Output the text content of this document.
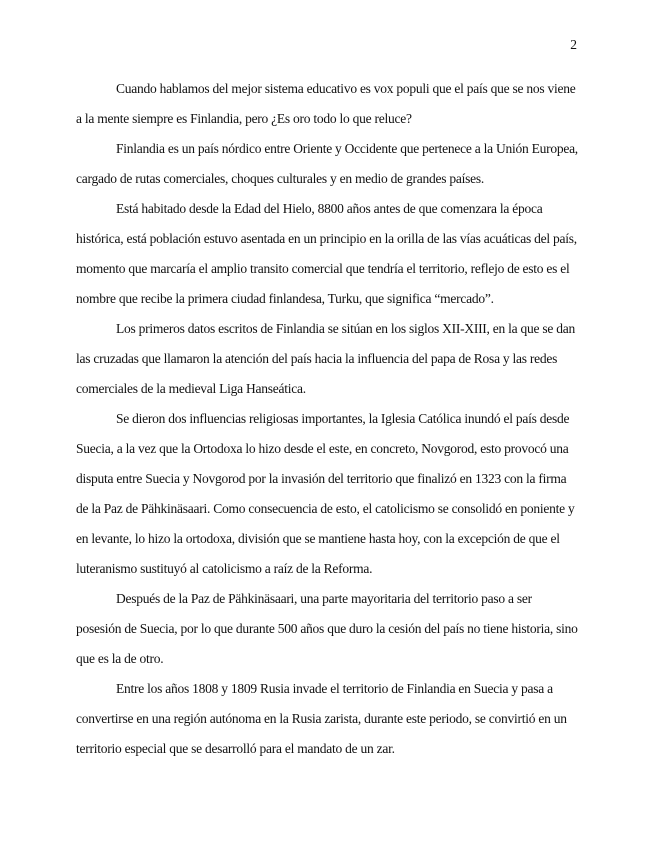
2
Cuando hablamos del mejor sistema educativo es vox populi que el país que se nos viene
a la mente siempre es Finlandia, pero ¿Es oro todo lo que reluce?
Finlandia es un país nórdico entre Oriente y Occidente que pertenece a la Unión Europea,
cargado de rutas comerciales, choques culturales y en medio de grandes países.
Está habitado desde la Edad del Hielo, 8800 años antes de que comenzara la época
histórica, está población estuvo asentada en un principio en la orilla de las vías acuáticas del país,
momento que marcaría el amplio transito comercial que tendría el territorio, reflejo de esto es el
nombre que recibe la primera ciudad finlandesa, Turku, que significa “mercado”.
Los primeros datos escritos de Finlandia se sitúan en los siglos XII-XIII, en la que se dan
las cruzadas que llamaron la atención del país hacia la influencia del papa de Rosa y las redes
comerciales de la medieval Liga Hanseática.
Se dieron dos influencias religiosas importantes, la Iglesia Católica inundó el país desde
Suecia, a la vez que la Ortodoxa lo hizo desde el este, en concreto, Novgorod, esto provocó una
disputa entre Suecia y Novgorod por la invasión del territorio que finalizó en 1323 con la firma
de la Paz de Pähkinäsaari. Como consecuencia de esto, el catolicismo se consolidó en poniente y
en levante, lo hizo la ortodoxa, división que se mantiene hasta hoy, con la excepción de que el
luteranismo sustituyó al catolicismo a raíz de la Reforma.
Después de la Paz de Pähkinäsaari, una parte mayoritaria del territorio paso a ser
posesión de Suecia, por lo que durante 500 años que duro la cesión del país no tiene historia, sino
que es la de otro.
Entre los años 1808 y 1809 Rusia invade el territorio de Finlandia en Suecia y pasa a
convertirse en una región autónoma en la Rusia zarista, durante este periodo, se convirtió en un
territorio especial que se desarrolló para el mandato de un zar.
